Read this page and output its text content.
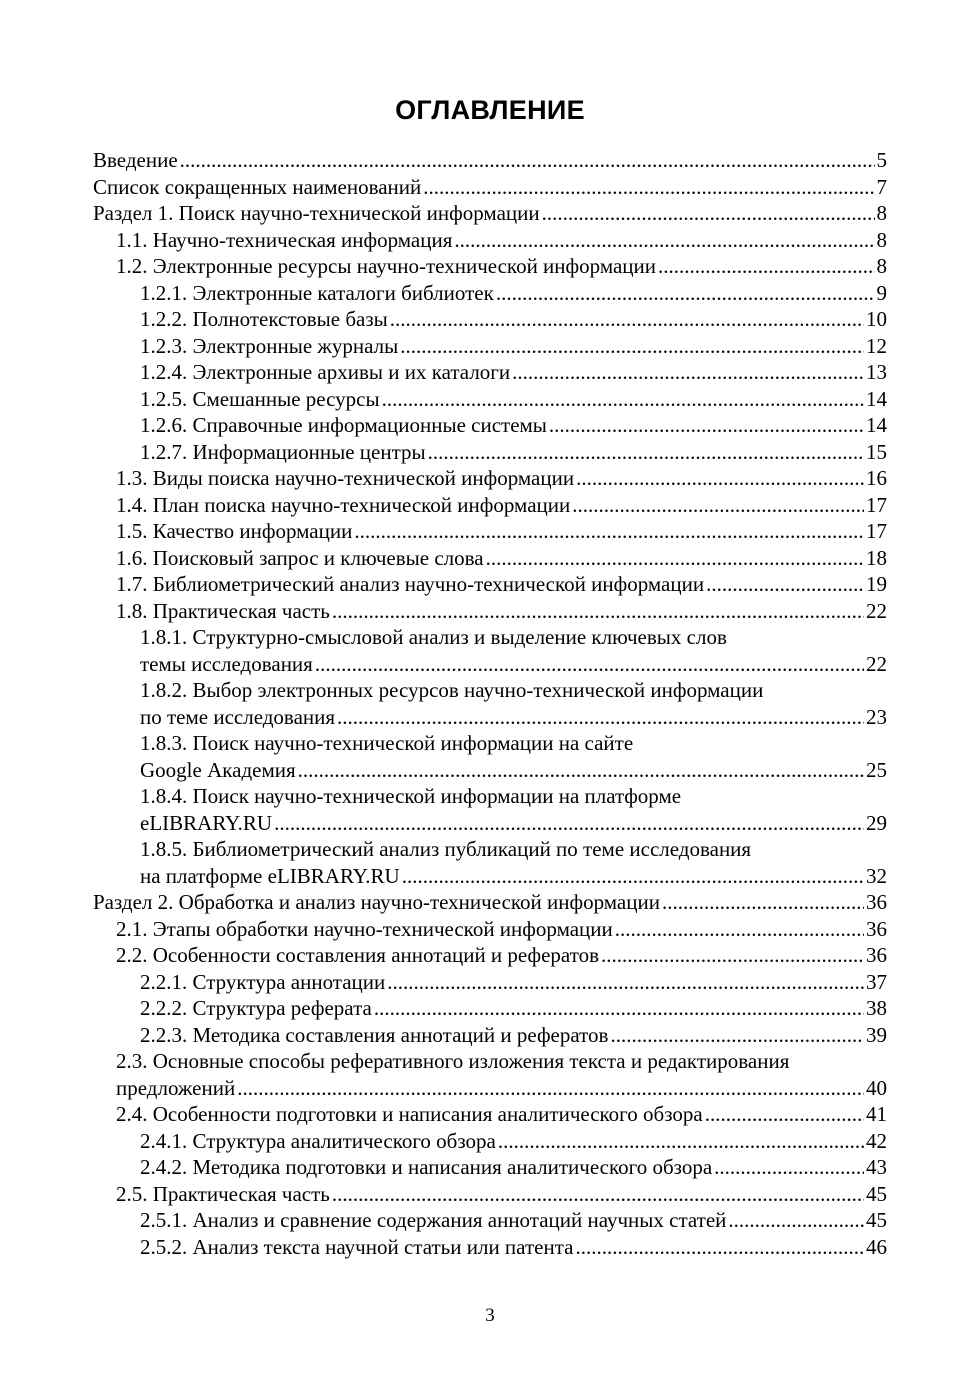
ОГЛАВЛЕНИЕ
Введение .....	5
Список сокращенных наименований .....	7
Раздел 1. Поиск научно-технической информации .....	8
1.1. Научно-техническая информация .....	8
1.2. Электронные ресурсы научно-технической информации .....	8
1.2.1. Электронные каталоги библиотек .....	9
1.2.2. Полнотекстовые базы .....	10
1.2.3. Электронные журналы .....	12
1.2.4. Электронные архивы и их каталоги .....	13
1.2.5. Смешанные ресурсы .....	14
1.2.6. Справочные информационные системы .....	14
1.2.7. Информационные центры .....	15
1.3. Виды поиска научно-технической информации .....	16
1.4. План поиска научно-технической информации .....	17
1.5. Качество информации .....	17
1.6. Поисковый запрос и ключевые слова .....	18
1.7. Библиометрический анализ научно-технической информации .....	19
1.8. Практическая часть .....	22
1.8.1. Структурно-смысловой анализ и выделение ключевых слов
темы исследования .....	22
1.8.2. Выбор электронных ресурсов научно-технической информации
по теме исследования .....	23
1.8.3. Поиск научно-технической информации на сайте
Google Академия .....	25
1.8.4. Поиск научно-технической информации на платформе
eLIBRARY.RU .....	29
1.8.5. Библиометрический анализ публикаций по теме исследования
на платформе eLIBRARY.RU .....	32
Раздел 2. Обработка и анализ научно-технической информации .....	36
2.1. Этапы обработки научно-технической информации .....	36
2.2. Особенности составления аннотаций и рефератов .....	36
2.2.1. Структура аннотации .....	37
2.2.2. Структура реферата .....	38
2.2.3. Методика составления аннотаций и рефератов .....	39
2.3. Основные способы реферативного изложения текста и редактирования
предложений .....	40
2.4. Особенности подготовки и написания аналитического обзора .....	41
2.4.1. Структура аналитического обзора .....	42
2.4.2. Методика подготовки и написания аналитического обзора .....	43
2.5. Практическая часть .....	45
2.5.1. Анализ и сравнение содержания аннотаций научных статей .....	45
2.5.2. Анализ текста научной статьи или патента .....	46
3
